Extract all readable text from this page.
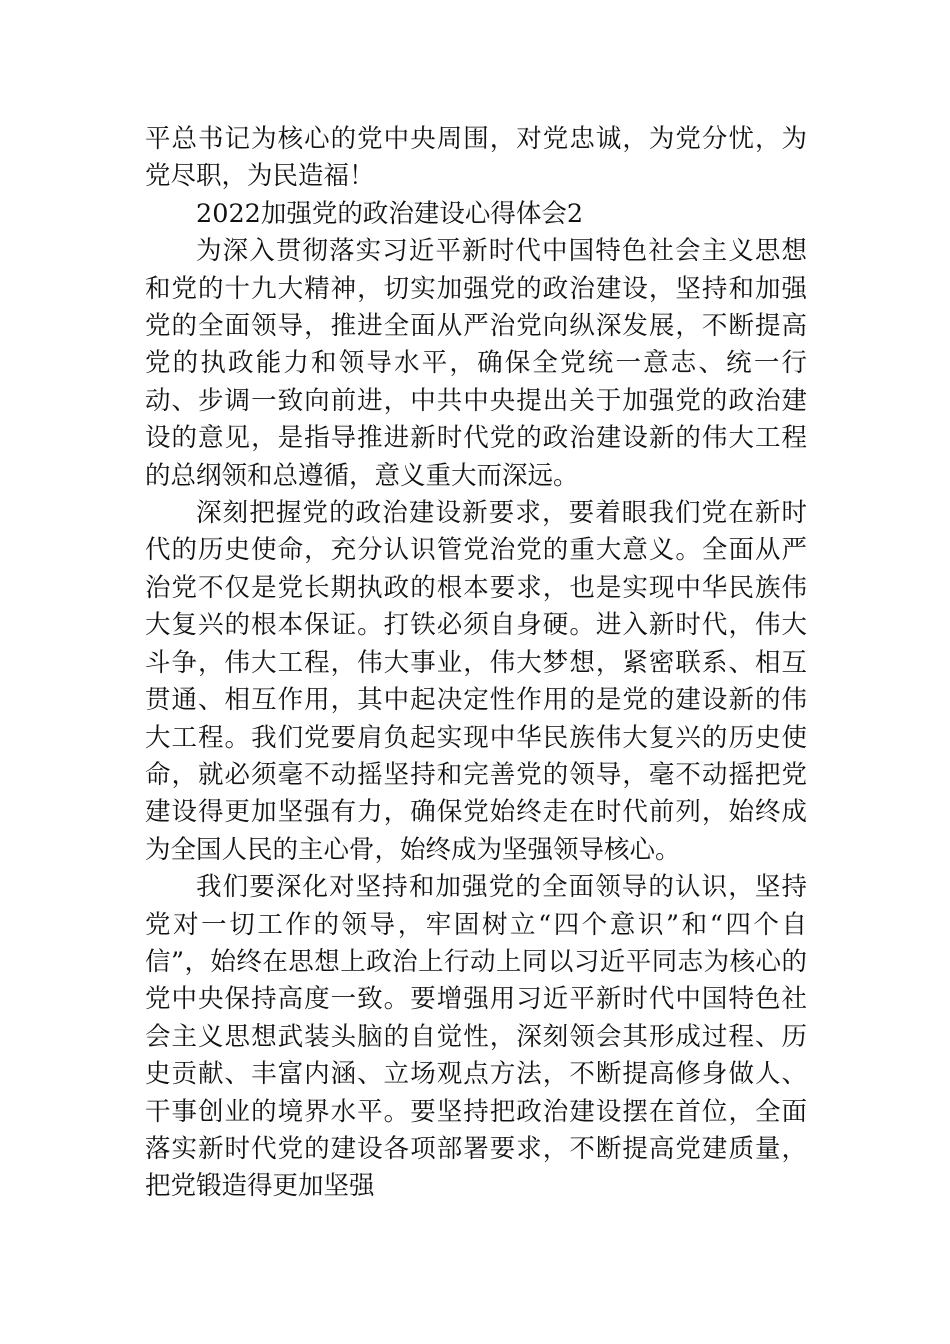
平总书记为核心的党中央周围，对党忠诚，为党分忧，为党尽职，为民造福！

2022加强党的政治建设心得体会2

为深入贯彻落实习近平新时代中国特色社会主义思想和党的十九大精神，切实加强党的政治建设，坚持和加强党的全面领导，推进全面从严治党向纵深发展，不断提高党的执政能力和领导水平，确保全党统一意志、统一行动、步调一致向前进，中共中央提出关于加强党的政治建设的意见，是指导推进新时代党的政治建设新的伟大工程的总纲领和总遵循，意义重大而深远。

深刻把握党的政治建设新要求，要着眼我们党在新时代的历史使命，充分认识管党治党的重大意义。全面从严治党不仅是党长期执政的根本要求，也是实现中华民族伟大复兴的根本保证。打铁必须自身硬。进入新时代，伟大斗争，伟大工程，伟大事业，伟大梦想，紧密联系、相互贯通、相互作用，其中起决定性作用的是党的建设新的伟大工程。我们党要肩负起实现中华民族伟大复兴的历史使命，就必须毫不动摇坚持和完善党的领导，毫不动摇把党建设得更加坚强有力，确保党始终走在时代前列，始终成为全国人民的主心骨，始终成为坚强领导核心。

我们要深化对坚持和加强党的全面领导的认识，坚持党对一切工作的领导，牢固树立“四个意识”和“四个自信”，始终在思想上政治上行动上同以习近平同志为核心的党中央保持高度一致。要增强用习近平新时代中国特色社会主义思想武装头脑的自觉性，深刻领会其形成过程、历史贡献、丰富内涵、立场观点方法，不断提高修身做人、干事创业的境界水平。要坚持把政治建设摆在首位，全面落实新时代党的建设各项部署要求，不断提高党建质量，把党锻造得更加坚强
